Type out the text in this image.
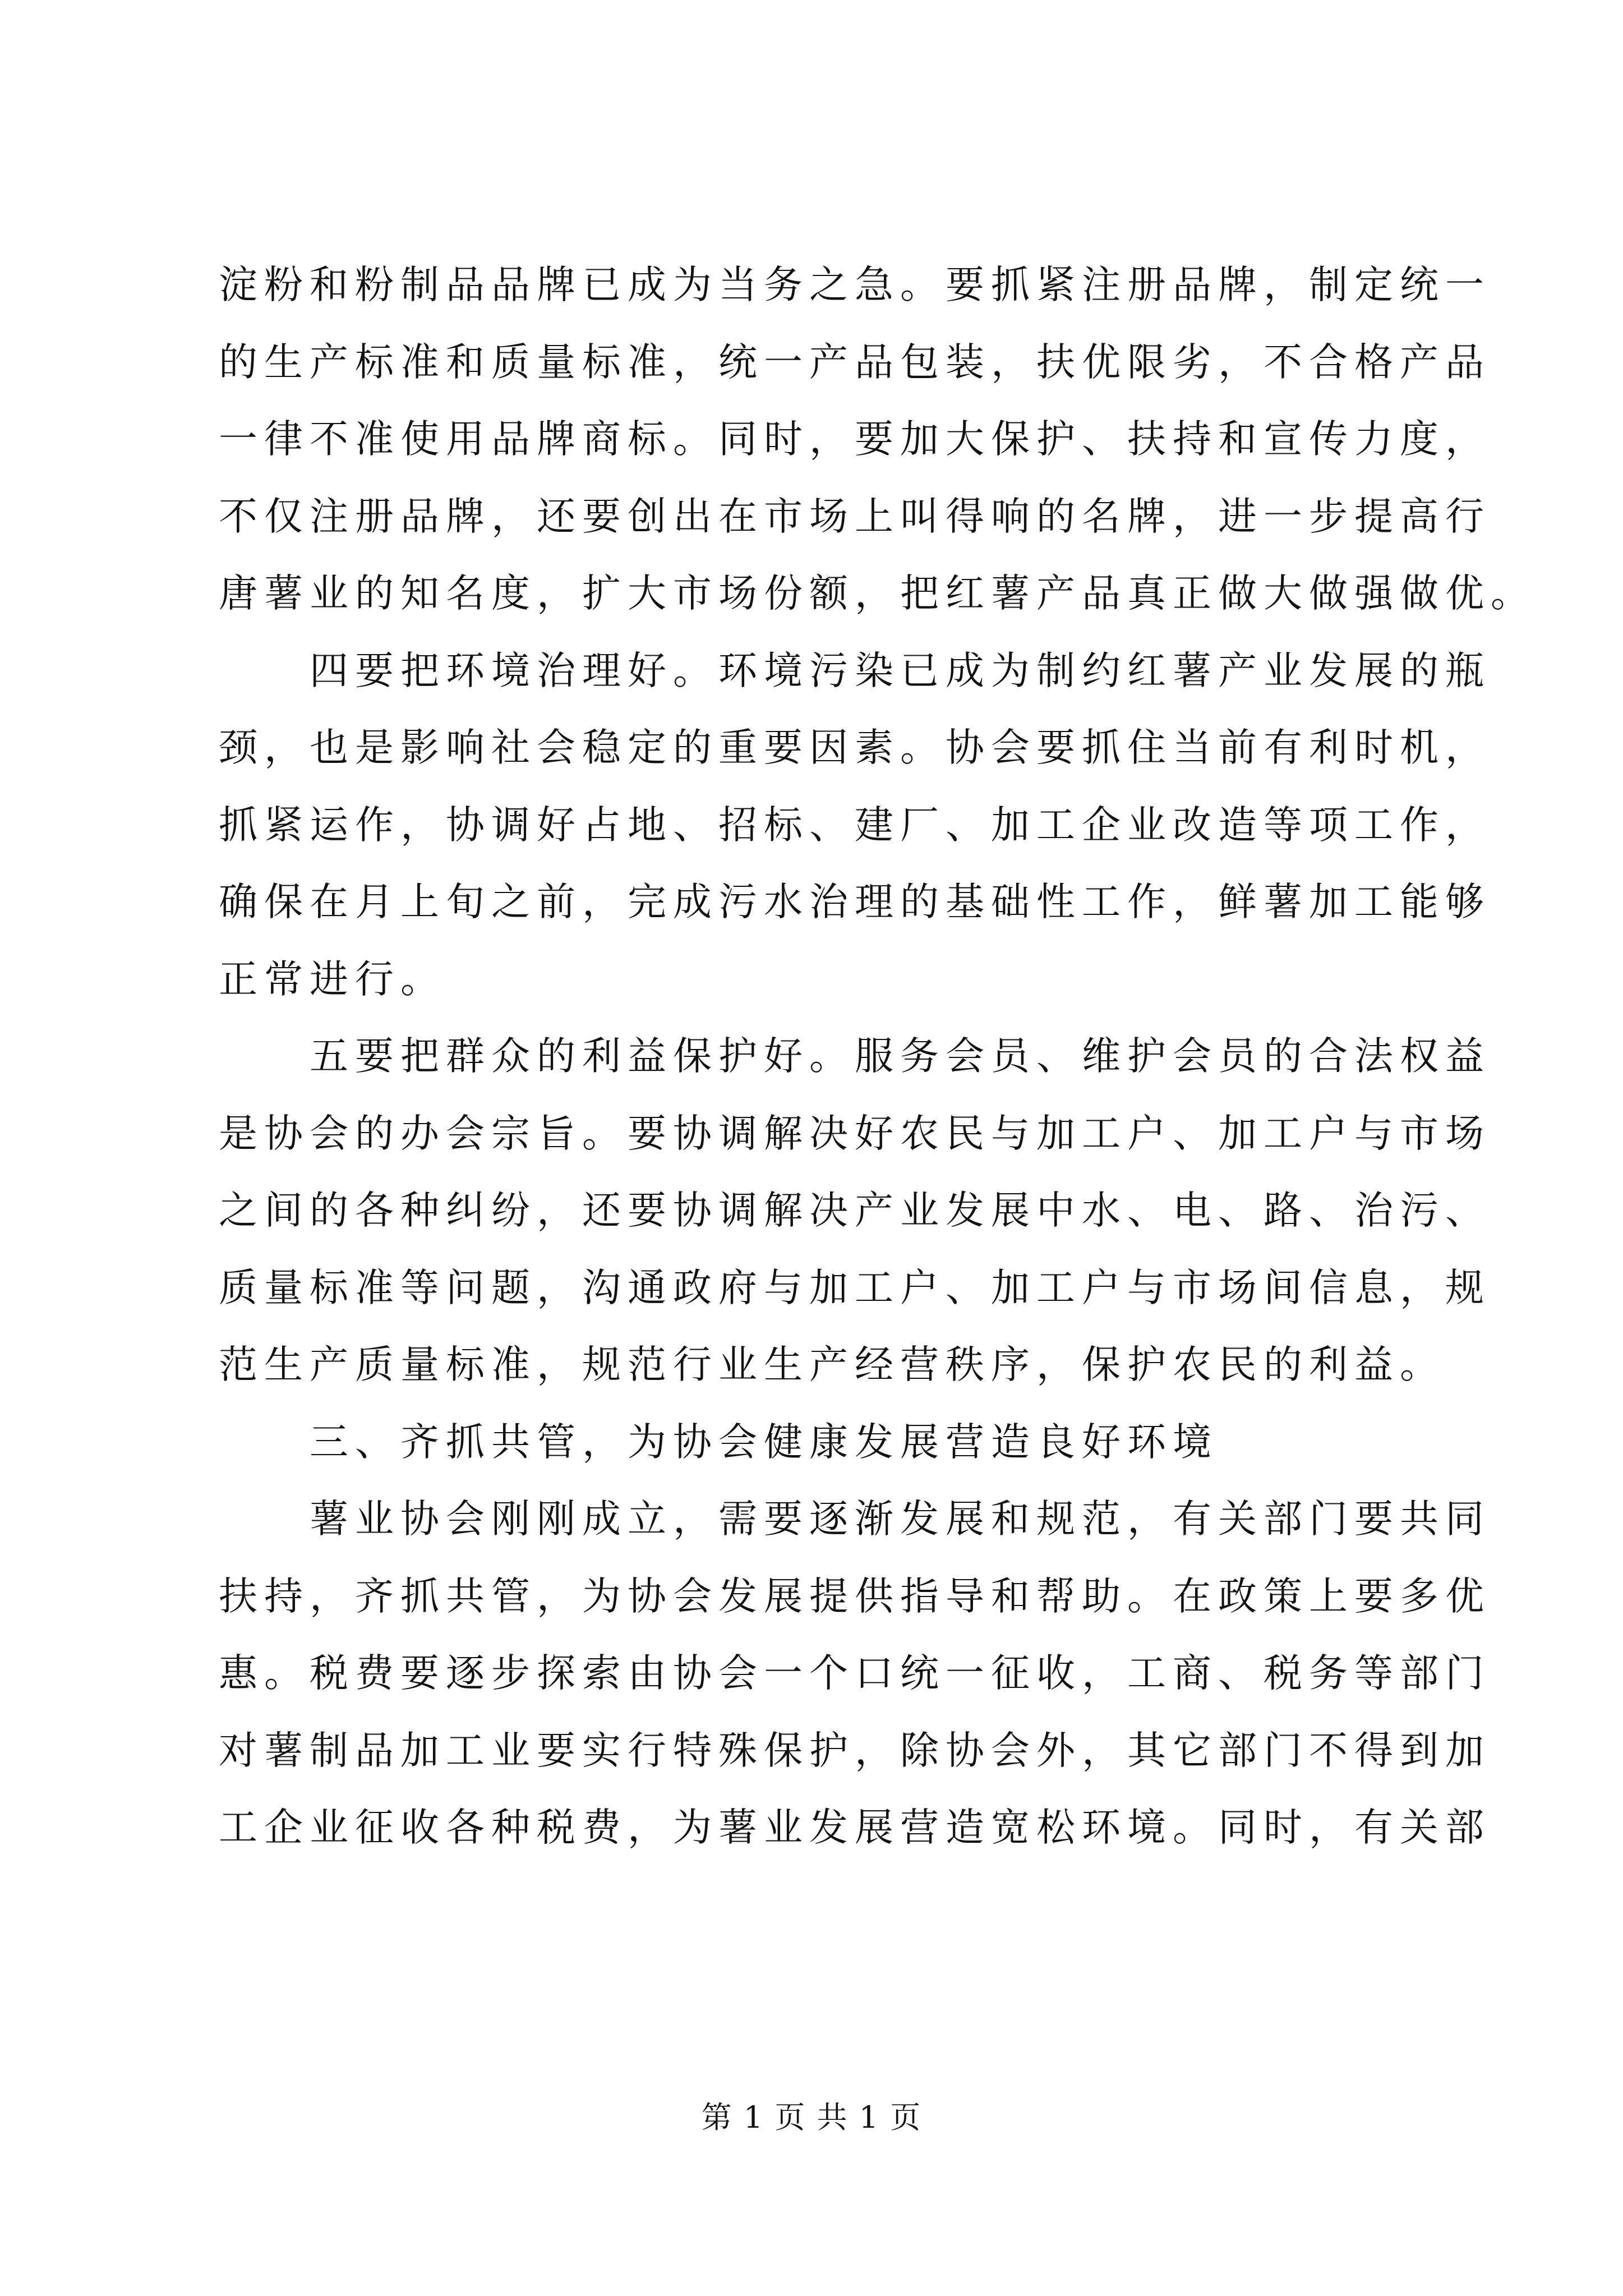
淀粉和粉制品品牌已成为当务之急。要抓紧注册品牌，制定统一
的生产标准和质量标准，统一产品包装，扶优限劣，不合格产品
一律不准使用品牌商标。同时，要加大保护、扶持和宣传力度，
不仅注册品牌，还要创出在市场上叫得响的名牌，进一步提高行
唐薯业的知名度，扩大市场份额，把红薯产品真正做大做强做优。
　　四要把环境治理好。环境污染已成为制约红薯产业发展的瓶
颈，也是影响社会稳定的重要因素。协会要抓住当前有利时机，
抓紧运作，协调好占地、招标、建厂、加工企业改造等项工作，
确保在月上旬之前，完成污水治理的基础性工作，鲜薯加工能够
正常进行。
　　五要把群众的利益保护好。服务会员、维护会员的合法权益
是协会的办会宗旨。要协调解决好农民与加工户、加工户与市场
之间的各种纠纷，还要协调解决产业发展中水、电、路、治污、
质量标准等问题，沟通政府与加工户、加工户与市场间信息，规
范生产质量标准，规范行业生产经营秩序，保护农民的利益。
　　三、齐抓共管，为协会健康发展营造良好环境
　　薯业协会刚刚成立，需要逐渐发展和规范，有关部门要共同
扶持，齐抓共管，为协会发展提供指导和帮助。在政策上要多优
惠。税费要逐步探索由协会一个口统一征收，工商、税务等部门
对薯制品加工业要实行特殊保护，除协会外，其它部门不得到加
工企业征收各种税费，为薯业发展营造宽松环境。同时，有关部
第 1 页 共 1 页
